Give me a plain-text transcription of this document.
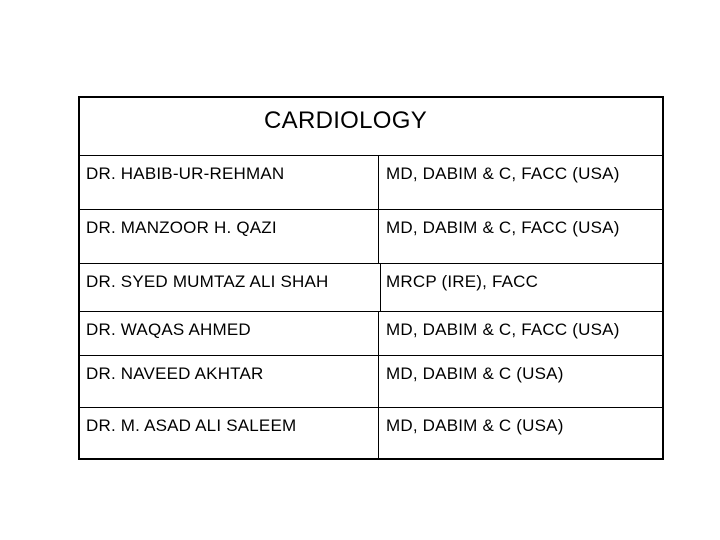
CARDIOLOGY
DR. HABIB-UR-REHMAN	MD, DABIM & C, FACC (USA)
DR. MANZOOR H. QAZI	MD, DABIM & C, FACC (USA)
DR. SYED MUMTAZ ALI SHAH	MRCP (IRE), FACC
DR. WAQAS AHMED	MD, DABIM & C, FACC (USA)
DR. NAVEED AKHTAR	MD, DABIM & C (USA)
DR. M. ASAD ALI SALEEM	MD, DABIM & C (USA)
